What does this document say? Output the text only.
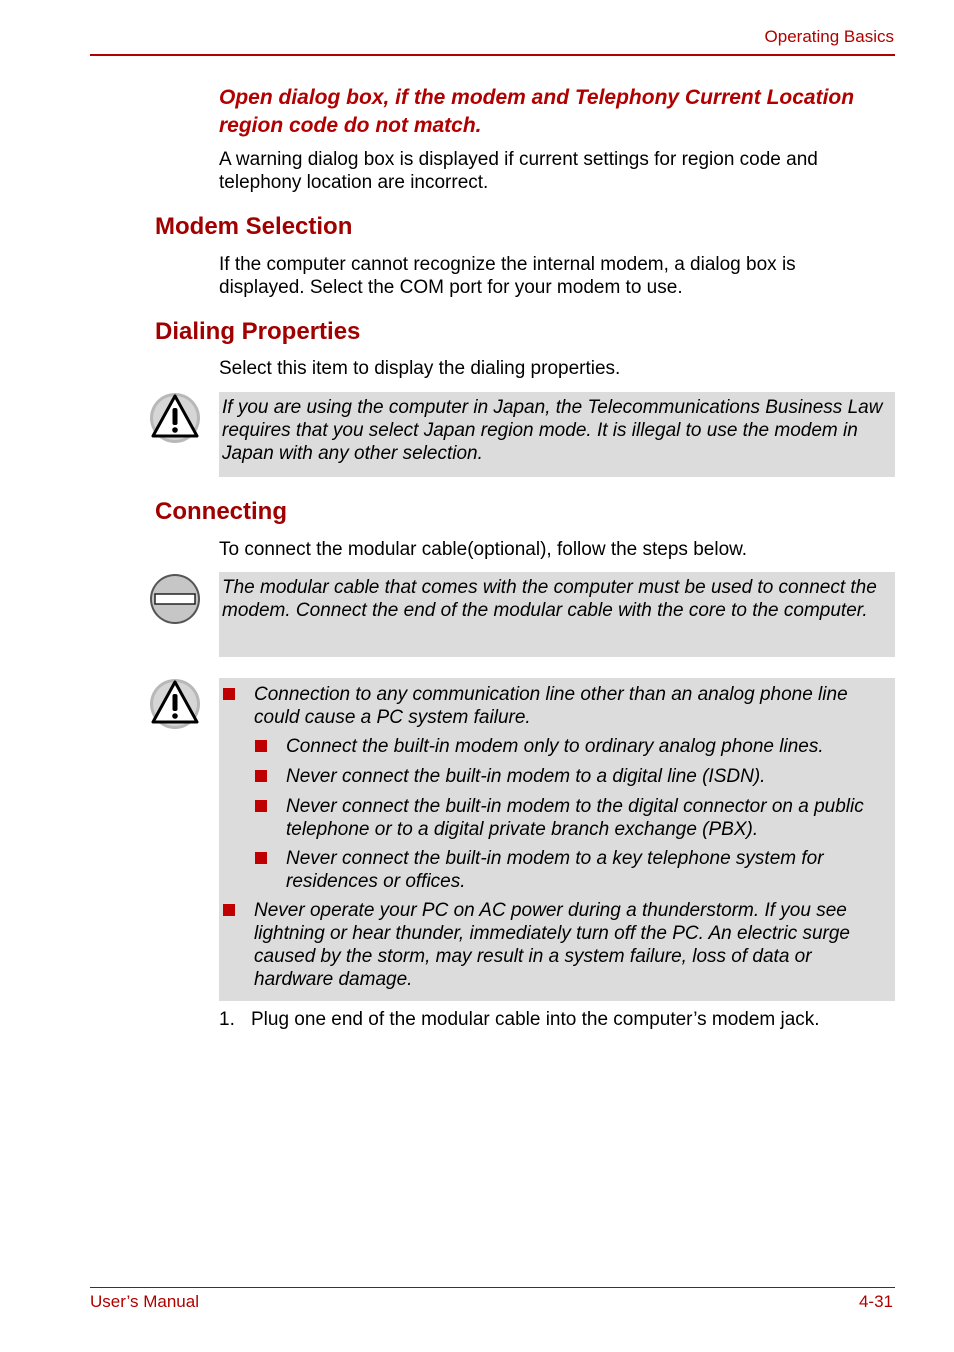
Operating Basics
Open dialog box, if the modem and Telephony Current Location region code do not match.
A warning dialog box is displayed if current settings for region code and telephony location are incorrect.
Modem Selection
If the computer cannot recognize the internal modem, a dialog box is displayed. Select the COM port for your modem to use.
Dialing Properties
Select this item to display the dialing properties.
If you are using the computer in Japan, the Telecommunications Business Law requires that you select Japan region mode. It is illegal to use the modem in Japan with any other selection.
Connecting
To connect the modular cable(optional), follow the steps below.
The modular cable that comes with the computer must be used to connect the modem. Connect the end of the modular cable with the core to the computer.
Connection to any communication line other than an analog phone line could cause a PC system failure.
Connect the built-in modem only to ordinary analog phone lines.
Never connect the built-in modem to a digital line (ISDN).
Never connect the built-in modem to the digital connector on a public telephone or to a digital private branch exchange (PBX).
Never connect the built-in modem to a key telephone system for residences or offices.
Never operate your PC on AC power during a thunderstorm. If you see lightning or hear thunder, immediately turn off the PC. An electric surge caused by the storm, may result in a system failure, loss of data or hardware damage.
1. Plug one end of the modular cable into the computer’s modem jack.
User’s Manual	4-31
